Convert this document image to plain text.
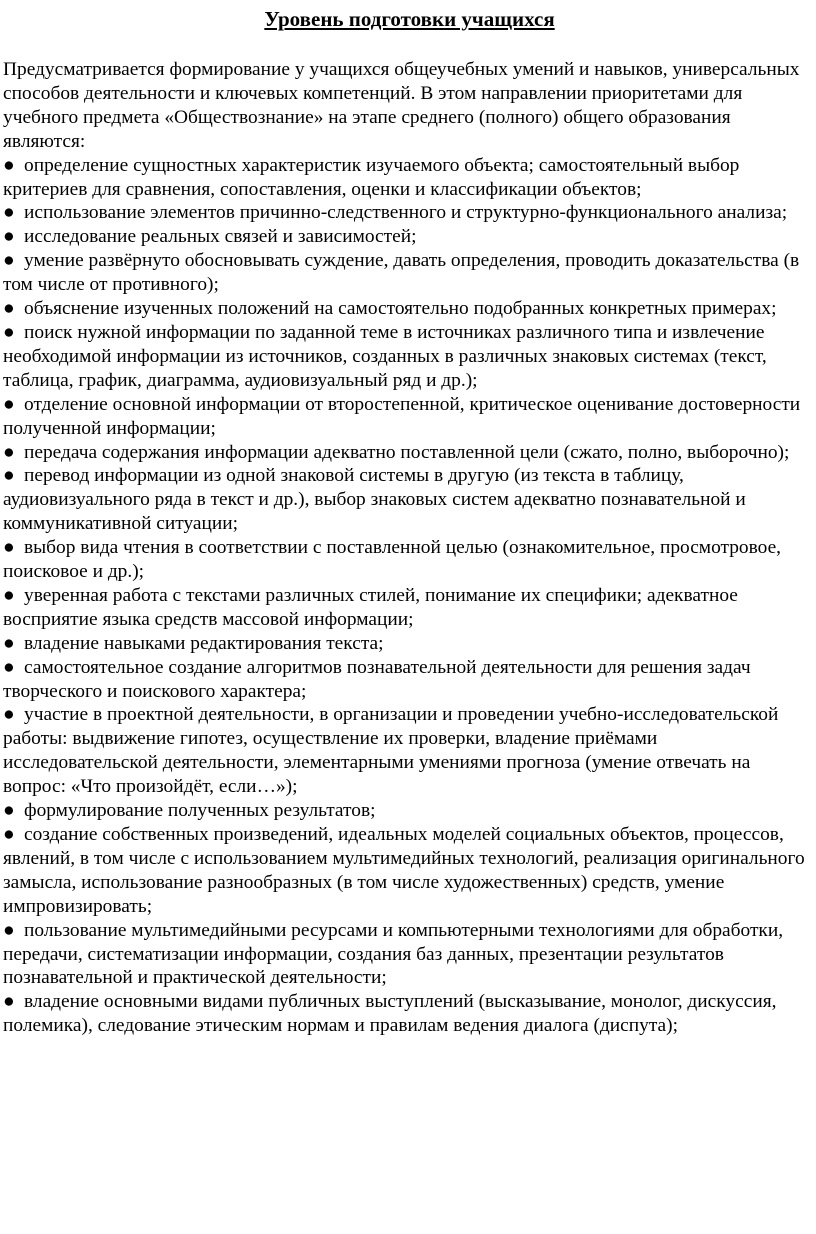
Уровень подготовки учащихся

Предусматривается формирование у учащихся общеучебных умений и навыков, универсальных способов деятельности и ключевых компетенций. В этом направлении приоритетами для учебного предмета «Обществознание» на этапе среднего (полного) общего образования являются:

● определение сущностных характеристик изучаемого объекта; самостоятельный выбор критериев для сравнения, сопоставления, оценки и классификации объектов;

● использование элементов причинно-следственного и структурно-функционального анализа;

● исследование реальных связей и зависимостей;

● умение развёрнуто обосновывать суждение, давать определения, проводить доказательства (в том числе от противного);

● объяснение изученных положений на самостоятельно подобранных конкретных примерах;

● поиск нужной информации по заданной теме в источниках различного типа и извлечение необходимой информации из источников, созданных в различных знаковых системах (текст, таблица, график, диаграмма, аудиовизуальный ряд и др.);

● отделение основной информации от второстепенной, критическое оценивание достоверности полученной информации;

● передача содержания информации адекватно поставленной цели (сжато, полно, выборочно);

● перевод информации из одной знаковой системы в другую (из текста в таблицу, аудиовизуального ряда в текст и др.), выбор знаковых систем адекватно познавательной и коммуникативной ситуации;

● выбор вида чтения в соответствии с поставленной целью (ознакомительное, просмотровое, поисковое и др.);

● уверенная работа с текстами различных стилей, понимание их специфики; адекватное восприятие языка средств массовой информации;

● владение навыками редактирования текста;

● самостоятельное создание алгоритмов познавательной деятельности для решения задач творческого и поискового характера;

● участие в проектной деятельности, в организации и проведении учебно-исследовательской работы: выдвижение гипотез, осуществление их проверки, владение приёмами исследовательской деятельности, элементарными умениями прогноза (умение отвечать на вопрос: «Что произойдёт, если…»);

● формулирование полученных результатов;

● создание собственных произведений, идеальных моделей социальных объектов, процессов, явлений, в том числе с использованием мультимедийных технологий, реализация оригинального замысла, использование разнообразных (в том числе художественных) средств, умение импровизировать;

● пользование мультимедийными ресурсами и компьютерными технологиями для обработки, передачи, систематизации информации, создания баз данных, презентации результатов познавательной и практической деятельности;

● владение основными видами публичных выступлений (высказывание, монолог, дискуссия, полемика), следование этическим нормам и правилам ведения диалога (диспута);
